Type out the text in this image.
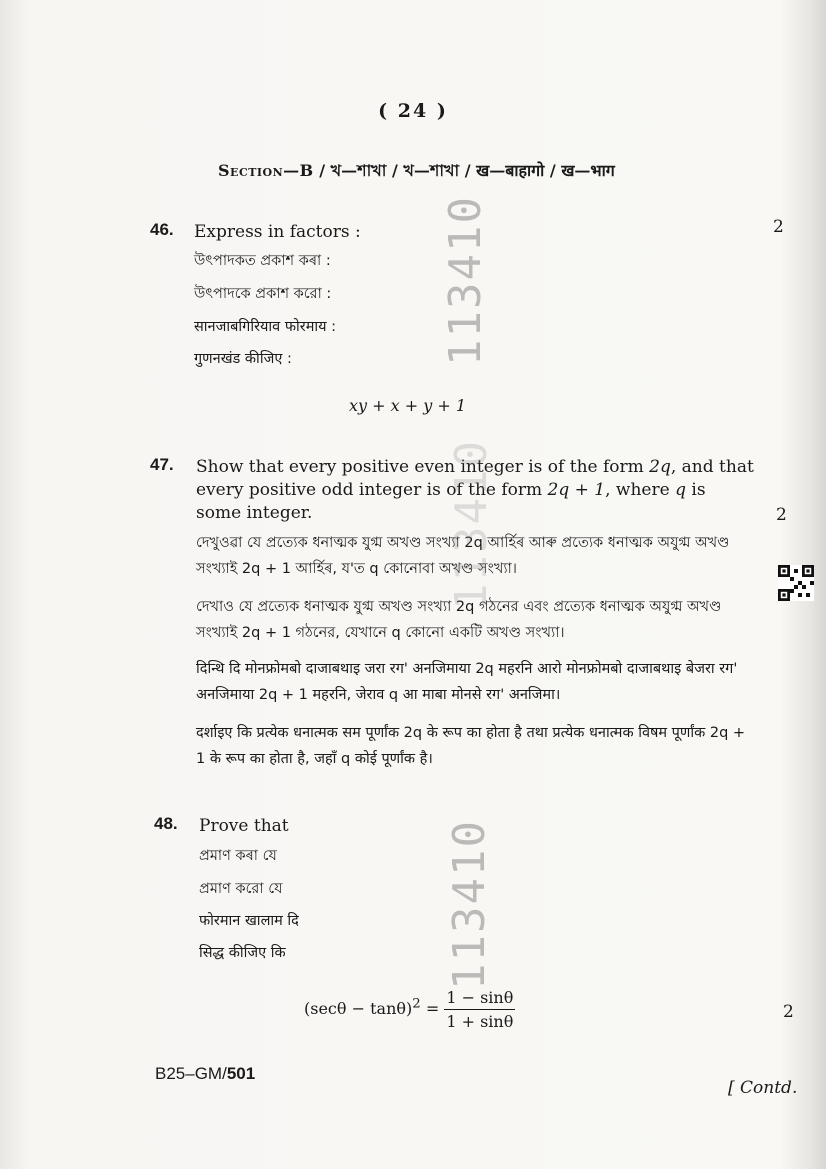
( 24 )
Section—B / খ—শাখা / খ—শাখা / ख—बाहागो / ख—भाग
46. Express in factors :
উৎপাদকত প্ৰকাশ কৰা :
উৎপাদকে প্রকাশ করো :
सानजाबगिरियाव फोरमाय :
गुणनखंड कीजिए :
xy + x + y + 1
2
113410
47. Show that every positive even integer is of the form 2q, and that every positive odd integer is of the form 2q + 1, where q is some integer.	2
দেখুওৱা যে প্ৰত্যেক ধনাত্মক যুগ্ম অখণ্ড সংখ্যা 2q আৰ্হিৰ আৰু প্ৰত্যেক ধনাত্মক অযুগ্ম অখণ্ড সংখ্যাই 2q + 1 আৰ্হিৰ, য'ত q কোনোবা অখণ্ড সংখ্যা।
দেখাও যে প্রত্যেক ধনাত্মক যুগ্ম অখণ্ড সংখ্যা 2q গঠনের এবং প্রত্যেক ধনাত্মক অযুগ্ম অখণ্ড সংখ্যাই 2q + 1 গঠনের, যেখানে q কোনো একটি অখণ্ড সংখ্যা।
दिन्थि दि मोनफ्रोमबो दाजाबथाइ जरा रग' अनजिमाया 2q महरनि आरो मोनफ्रोमबो दाजाबथाइ बेजरा रग' अनजिमाया 2q + 1 महरनि, जेराव q आ माबा मोनसे रग' अनजिमा।
दर्शाइए कि प्रत्येक धनात्मक सम पूर्णांक 2q के रूप का होता है तथा प्रत्येक धनात्मक विषम पूर्णांक 2q + 1 के रूप का होता है, जहाँ q कोई पूर्णांक है।
113410
48. Prove that
প্ৰমাণ কৰা যে
প্রমাণ করো যে
फोरमान खालाम दि
सिद्ध कीजिए कि	113410
$(\sec\theta - \tan\theta)^2 = \frac{1 - \sin\theta}{1 + \sin\theta}$	2
B25–GM/501
[ Contd.
